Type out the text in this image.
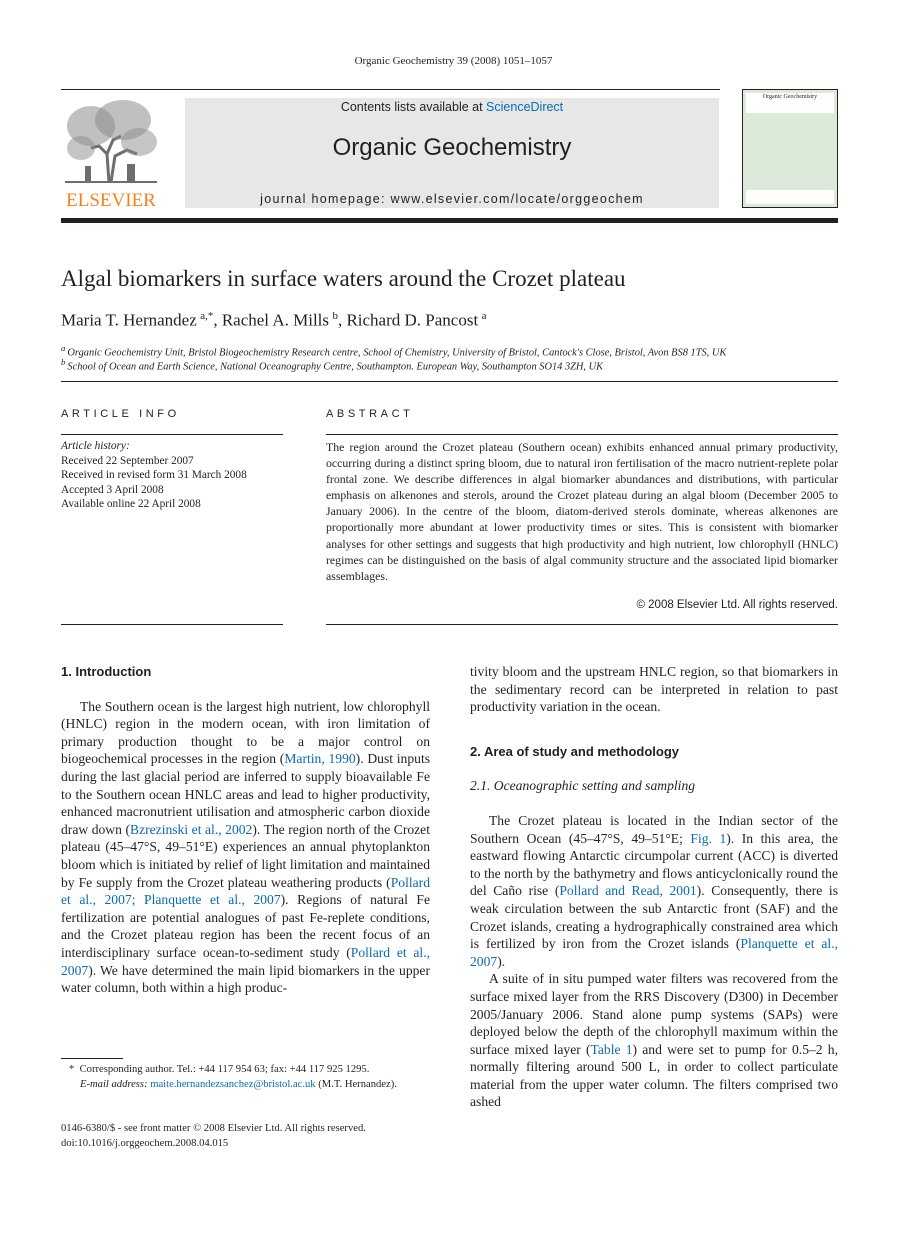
Organic Geochemistry 39 (2008) 1051–1057
ELSEVIER
Contents lists available at ScienceDirect
Organic Geochemistry
journal homepage: www.elsevier.com/locate/orggeochem
Organic Geochemistry
Algal biomarkers in surface waters around the Crozet plateau
Maria T. Hernandez  $^{a,*}$, Rachel A. Mills  $^b$, Richard D. Pancost  $^a$
$^a$  Organic Geochemistry Unit, Bristol Biogeochemistry Research centre, School of Chemistry, University of Bristol, Cantock's Close, Bristol, Avon BS8 1TS, UK
$^b$  School of Ocean and Earth Science, National Oceanography Centre, Southampton. European Way, Southampton SO14 3ZH, UK
ARTICLE INFO
Article history:
Received 22 September 2007
Received in revised form 31 March 2008
Accepted 3 April 2008
Available online 22 April 2008
ABSTRACT
The region around the Crozet plateau (Southern ocean) exhibits enhanced annual primary productivity, occurring during a distinct spring bloom, due to natural iron fertilisation of the macro nutrient-replete polar frontal zone. We describe differences in algal biomarker abundances and distributions, with particular emphasis on alkenones and sterols, around the Crozet plateau during an algal bloom (December 2005 to January 2006). In the centre of the bloom, diatom-derived sterols dominate, whereas alkenones are proportionally more abundant at lower productivity times or sites. This is consistent with biomarker analyses for other settings and suggests that high productivity and high nutrient, low chlorophyll (HNLC) regimes can be distinguished on the basis of algal community structure and the associated lipid biomarker assemblages.
© 2008 Elsevier Ltd. All rights reserved.
1. Introduction

The Southern ocean is the largest high nutrient, low chlorophyll (HNLC) region in the modern ocean, with iron limitation of primary production thought to be a major control on biogeochemical processes in the region (Martin, 1990). Dust inputs during the last glacial period are inferred to supply bioavailable Fe to the Southern ocean HNLC areas and lead to higher productivity, enhanced macronutrient utilisation and atmospheric carbon dioxide draw down (Bzrezinski et al., 2002). The region north of the Crozet plateau (45–47°S, 49–51°E) experiences an annual phytoplankton bloom which is initiated by relief of light limitation and maintained by Fe supply from the Crozet plateau weathering products (Pollard et al., 2007; Planquette et al., 2007). Regions of natural Fe fertilization are potential analogues of past Fe-replete conditions, and the Crozet plateau region has been the recent focus of an interdisciplinary surface ocean-to-sediment study (Pollard et al., 2007). We have determined the main lipid biomarkers in the upper water column, both within a high produc-

tivity bloom and the upstream HNLC region, so that biomarkers in the sedimentary record can be interpreted in relation to past productivity variation in the ocean.

2. Area of study and methodology
2.1. Oceanographic setting and sampling

The Crozet plateau is located in the Indian sector of the Southern Ocean (45–47°S, 49–51°E; Fig. 1). In this area, the eastward flowing Antarctic circumpolar current (ACC) is diverted to the north by the bathymetry and flows anticyclonically round the del Caño rise (Pollard and Read, 2001). Consequently, there is weak circulation between the sub Antarctic front (SAF) and the Crozet islands, creating a hydrographically constrained area which is fertilized by iron from the Crozet islands (Planquette et al., 2007).

A suite of in situ pumped water filters was recovered from the surface mixed layer from the RRS Discovery (D300) in December 2005/January 2006. Stand alone pump systems (SAPs) were deployed below the depth of the chlorophyll maximum within the surface mixed layer (Table 1) and were set to pump for 0.5–2 h, normally filtering around 500 L, in order to collect particulate material from the upper water column. The filters comprised two ashed

*  Corresponding author. Tel.: +44 117 954 63; fax: +44 117 925 1295.
E-mail address: maite.hernandezsanchez@bristol.ac.uk (M.T. Hernandez).
0146-6380/$ - see front matter © 2008 Elsevier Ltd. All rights reserved.
doi:10.1016/j.orggeochem.2008.04.015
